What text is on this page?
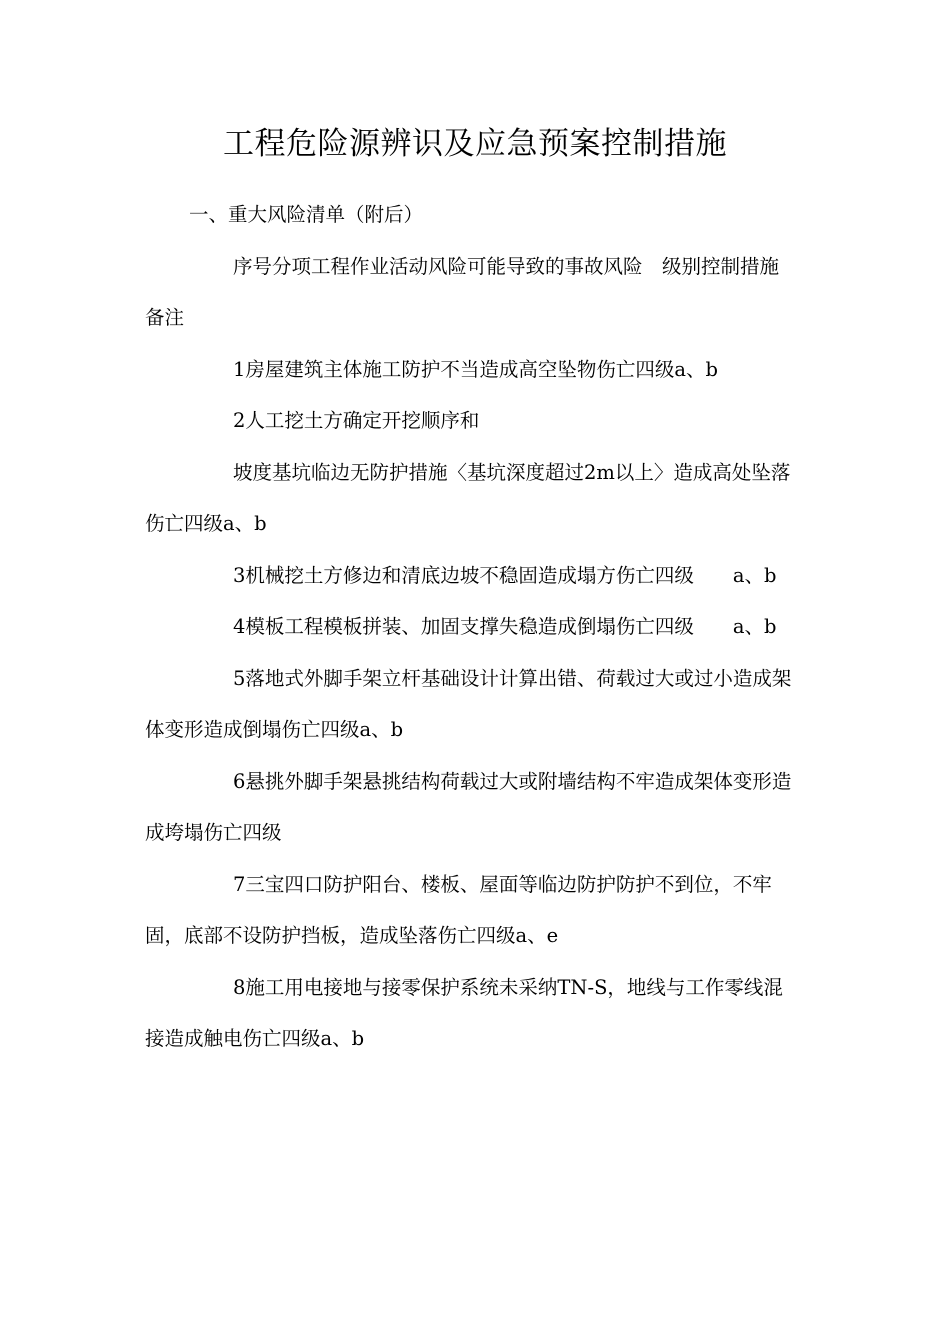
工程危险源辨识及应急预案控制措施

一、重大风险清单（附后）

序号分项工程作业活动风险可能导致的事故风险　级别控制措施备注

1房屋建筑主体施工防护不当造成高空坠物伤亡四级a、b

2人工挖土方确定开挖顺序和

坡度基坑临边无防护措施〈基坑深度超过2m以上〉造成高处坠落伤亡四级a、b

3机械挖土方修边和清底边坡不稳固造成塌方伤亡四级　　a、b

4模板工程模板拼装、加固支撑失稳造成倒塌伤亡四级　　a、b

5落地式外脚手架立杆基础设计计算出错、荷载过大或过小造成架体变形造成倒塌伤亡四级a、b

6悬挑外脚手架悬挑结构荷载过大或附墙结构不牢造成架体变形造成垮塌伤亡四级

7三宝四口防护阳台、楼板、屋面等临边防护防护不到位，不牢固，底部不设防护挡板，造成坠落伤亡四级a、e

8施工用电接地与接零保护系统未采纳TN-S，地线与工作零线混接造成触电伤亡四级a、b
